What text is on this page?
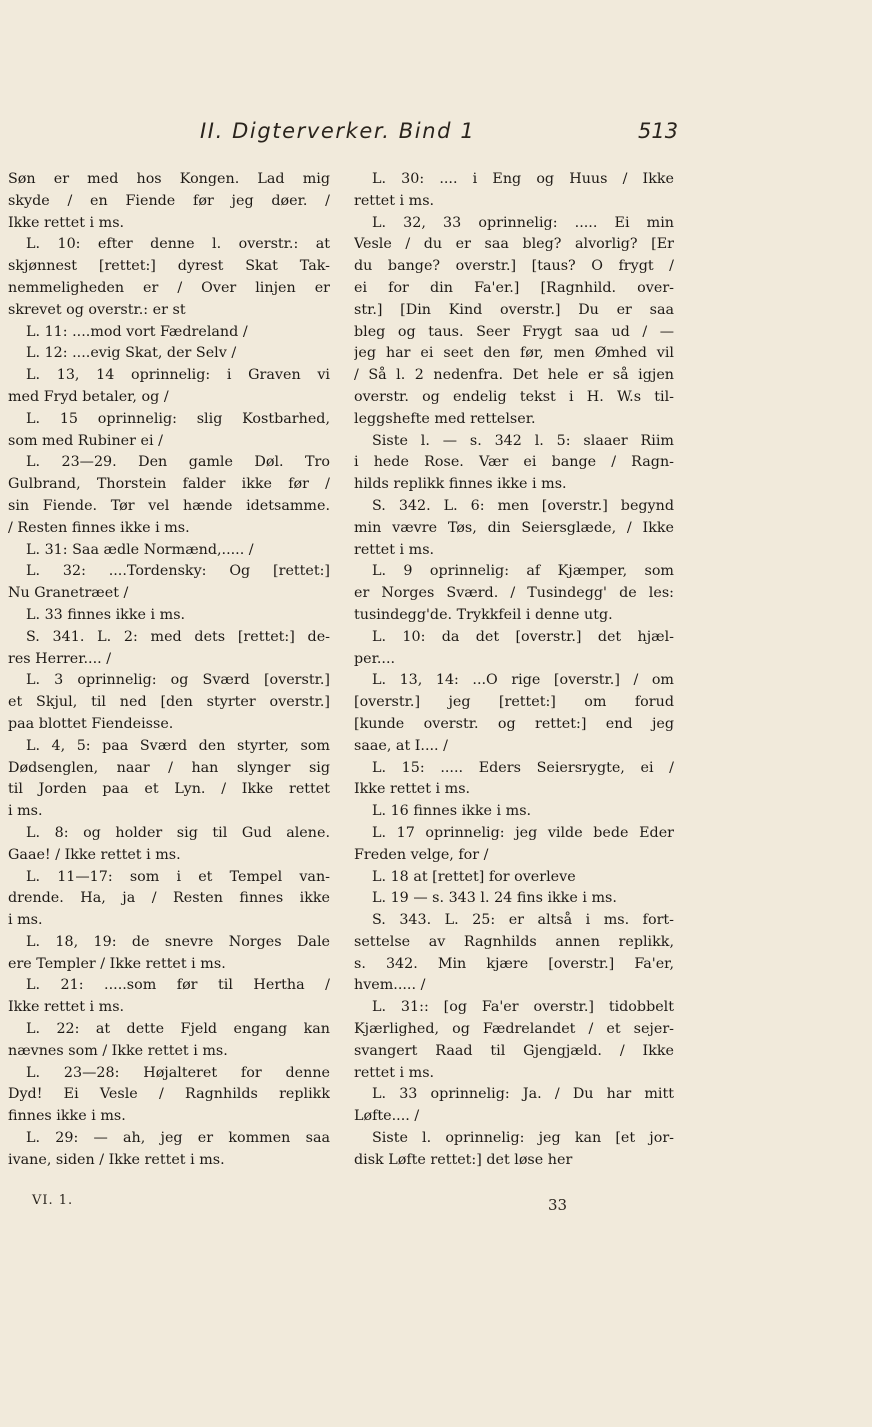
II. Digterverker. Bind 1	513
Søn er med hos Kongen. Lad mig
skyde / en Fiende før jeg døer. /
Ikke rettet i ms.
L. 10: efter denne l. overstr.: at
skjønnest [rettet:] dyrest Skat Tak-
nemmeligheden er / Over linjen er
skrevet og overstr.: er st
L. 11: ....mod vort Fædreland /
L. 12: ....evig Skat, der Selv /
L. 13, 14 oprinnelig: i Graven vi
med Fryd betaler, og /
L. 15 oprinnelig: slig Kostbarhed,
som med Rubiner ei /
L. 23—29. Den gamle Døl. Tro
Gulbrand, Thorstein falder ikke før /
sin Fiende. Tør vel hænde idetsamme.
/ Resten finnes ikke i ms.
L. 31: Saa ædle Normænd,..... /
L. 32: ....Tordensky: Og [rettet:]
Nu Granetræet /
L. 33 finnes ikke i ms.
S. 341. L. 2: med dets [rettet:] de-
res Herrer.... /
L. 3 oprinnelig: og Sværd [overstr.]
et Skjul, til ned [den styrter overstr.]
paa blottet Fiendeisse.
L. 4, 5: paa Sværd den styrter, som
Dødsenglen, naar / han slynger sig
til Jorden paa et Lyn. / Ikke rettet
i ms.
L. 8: og holder sig til Gud alene.
Gaae! / Ikke rettet i ms.
L. 11—17: som i et Tempel van-
drende. Ha, ja / Resten finnes ikke
i ms.
L. 18, 19: de snevre Norges Dale
ere Templer / Ikke rettet i ms.
L. 21: .....som før til Hertha /
Ikke rettet i ms.
L. 22: at dette Fjeld engang kan
nævnes som / Ikke rettet i ms.
L. 23—28: Højalteret for denne
Dyd! Ei Vesle / Ragnhilds replikk
finnes ikke i ms.
L. 29: — ah, jeg er kommen saa
ivane, siden / Ikke rettet i ms.
L. 30: .... i Eng og Huus / Ikke
rettet i ms.
L. 32, 33 oprinnelig: ..... Ei min
Vesle / du er saa bleg? alvorlig? [Er
du bange? overstr.] [taus? O frygt /
ei for din Fa'er.] [Ragnhild. over-
str.] [Din Kind overstr.] Du er saa
bleg og taus. Seer Frygt saa ud / —
jeg har ei seet den før, men Ømhed vil
/ Så l. 2 nedenfra. Det hele er så igjen
overstr. og endelig tekst i H. W.s til-
leggshefte med rettelser.
Siste l. — s. 342 l. 5: slaaer Riim
i hede Rose. Vær ei bange / Ragn-
hilds replikk finnes ikke i ms.
S. 342. L. 6: men [overstr.] begynd
min vævre Tøs, din Seiersglæde, / Ikke
rettet i ms.
L. 9 oprinnelig: af Kjæmper, som
er Norges Sværd. / Tusindegg' de les:
tusindegg'de. Trykkfeil i denne utg.
L. 10: da det [overstr.] det hjæl-
per....
L. 13, 14: ...O rige [overstr.] / om
[overstr.] jeg [rettet:] om forud
[kunde overstr. og rettet:] end jeg
saae, at I.... /
L. 15: ..... Eders Seiersrygte, ei /
Ikke rettet i ms.
L. 16 finnes ikke i ms.
L. 17 oprinnelig: jeg vilde bede Eder
Freden velge, for /
L. 18 at [rettet] for overleve
L. 19 — s. 343 l. 24 fins ikke i ms.
S. 343. L. 25: er altså i ms. fort-
settelse av Ragnhilds annen replikk,
s. 342. Min kjære [overstr.] Fa'er,
hvem..... /
L. 31:: [og Fa'er overstr.] tidobbelt
Kjærlighed, og Fædrelandet / et sejer-
svangert Raad til Gjengjæld. / Ikke
rettet i ms.
L. 33 oprinnelig: Ja. / Du har mitt
Løfte.... /
Siste l. oprinnelig: jeg kan [et jor-
disk Løfte rettet:] det løse her
VI. 1.	33
